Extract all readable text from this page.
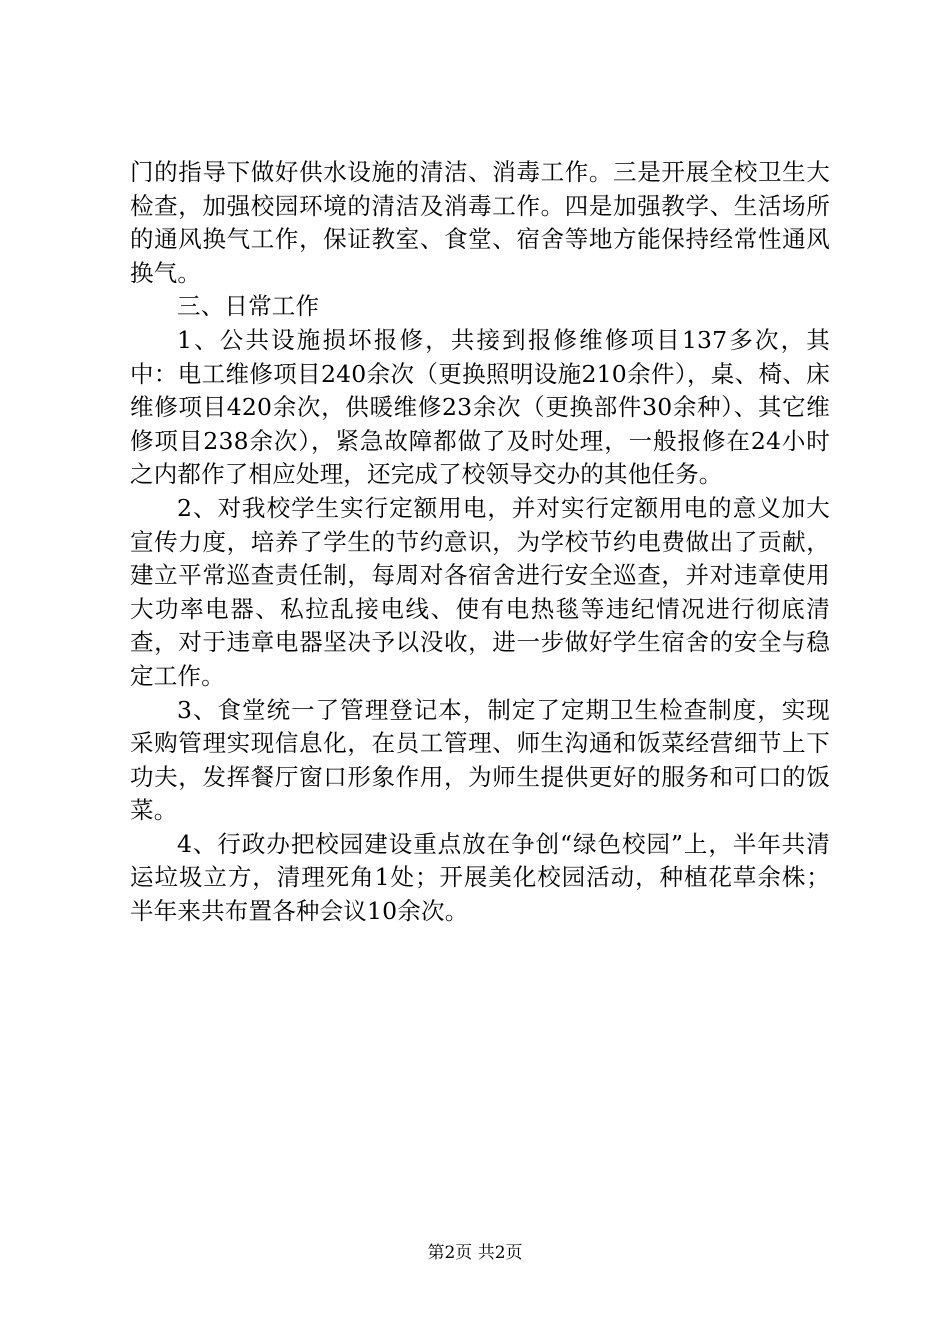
门的指导下做好供水设施的清洁、消毒工作。三是开展全校卫生大检查，加强校园环境的清洁及消毒工作。四是加强教学、生活场所的通风换气工作，保证教室、食堂、宿舍等地方能保持经常性通风换气。

三、日常工作

1、公共设施损坏报修，共接到报修维修项目137多次，其中：电工维修项目240余次（更换照明设施210余件），桌、椅、床维修项目420余次，供暖维修23余次（更换部件30余种）、其它维修项目238余次），紧急故障都做了及时处理，一般报修在24小时之内都作了相应处理，还完成了校领导交办的其他任务。

2、对我校学生实行定额用电，并对实行定额用电的意义加大宣传力度，培养了学生的节约意识，为学校节约电费做出了贡献，建立平常巡查责任制，每周对各宿舍进行安全巡查，并对违章使用大功率电器、私拉乱接电线、使有电热毯等违纪情况进行彻底清查，对于违章电器坚决予以没收，进一步做好学生宿舍的安全与稳定工作。

3、食堂统一了管理登记本，制定了定期卫生检查制度，实现采购管理实现信息化，在员工管理、师生沟通和饭菜经营细节上下功夫，发挥餐厅窗口形象作用，为师生提供更好的服务和可口的饭菜。

4、行政办把校园建设重点放在争创“绿色校园”上，半年共清运垃圾立方，清理死角1处；开展美化校园活动，种植花草余株；半年来共布置各种会议10余次。

第2页 共2页
